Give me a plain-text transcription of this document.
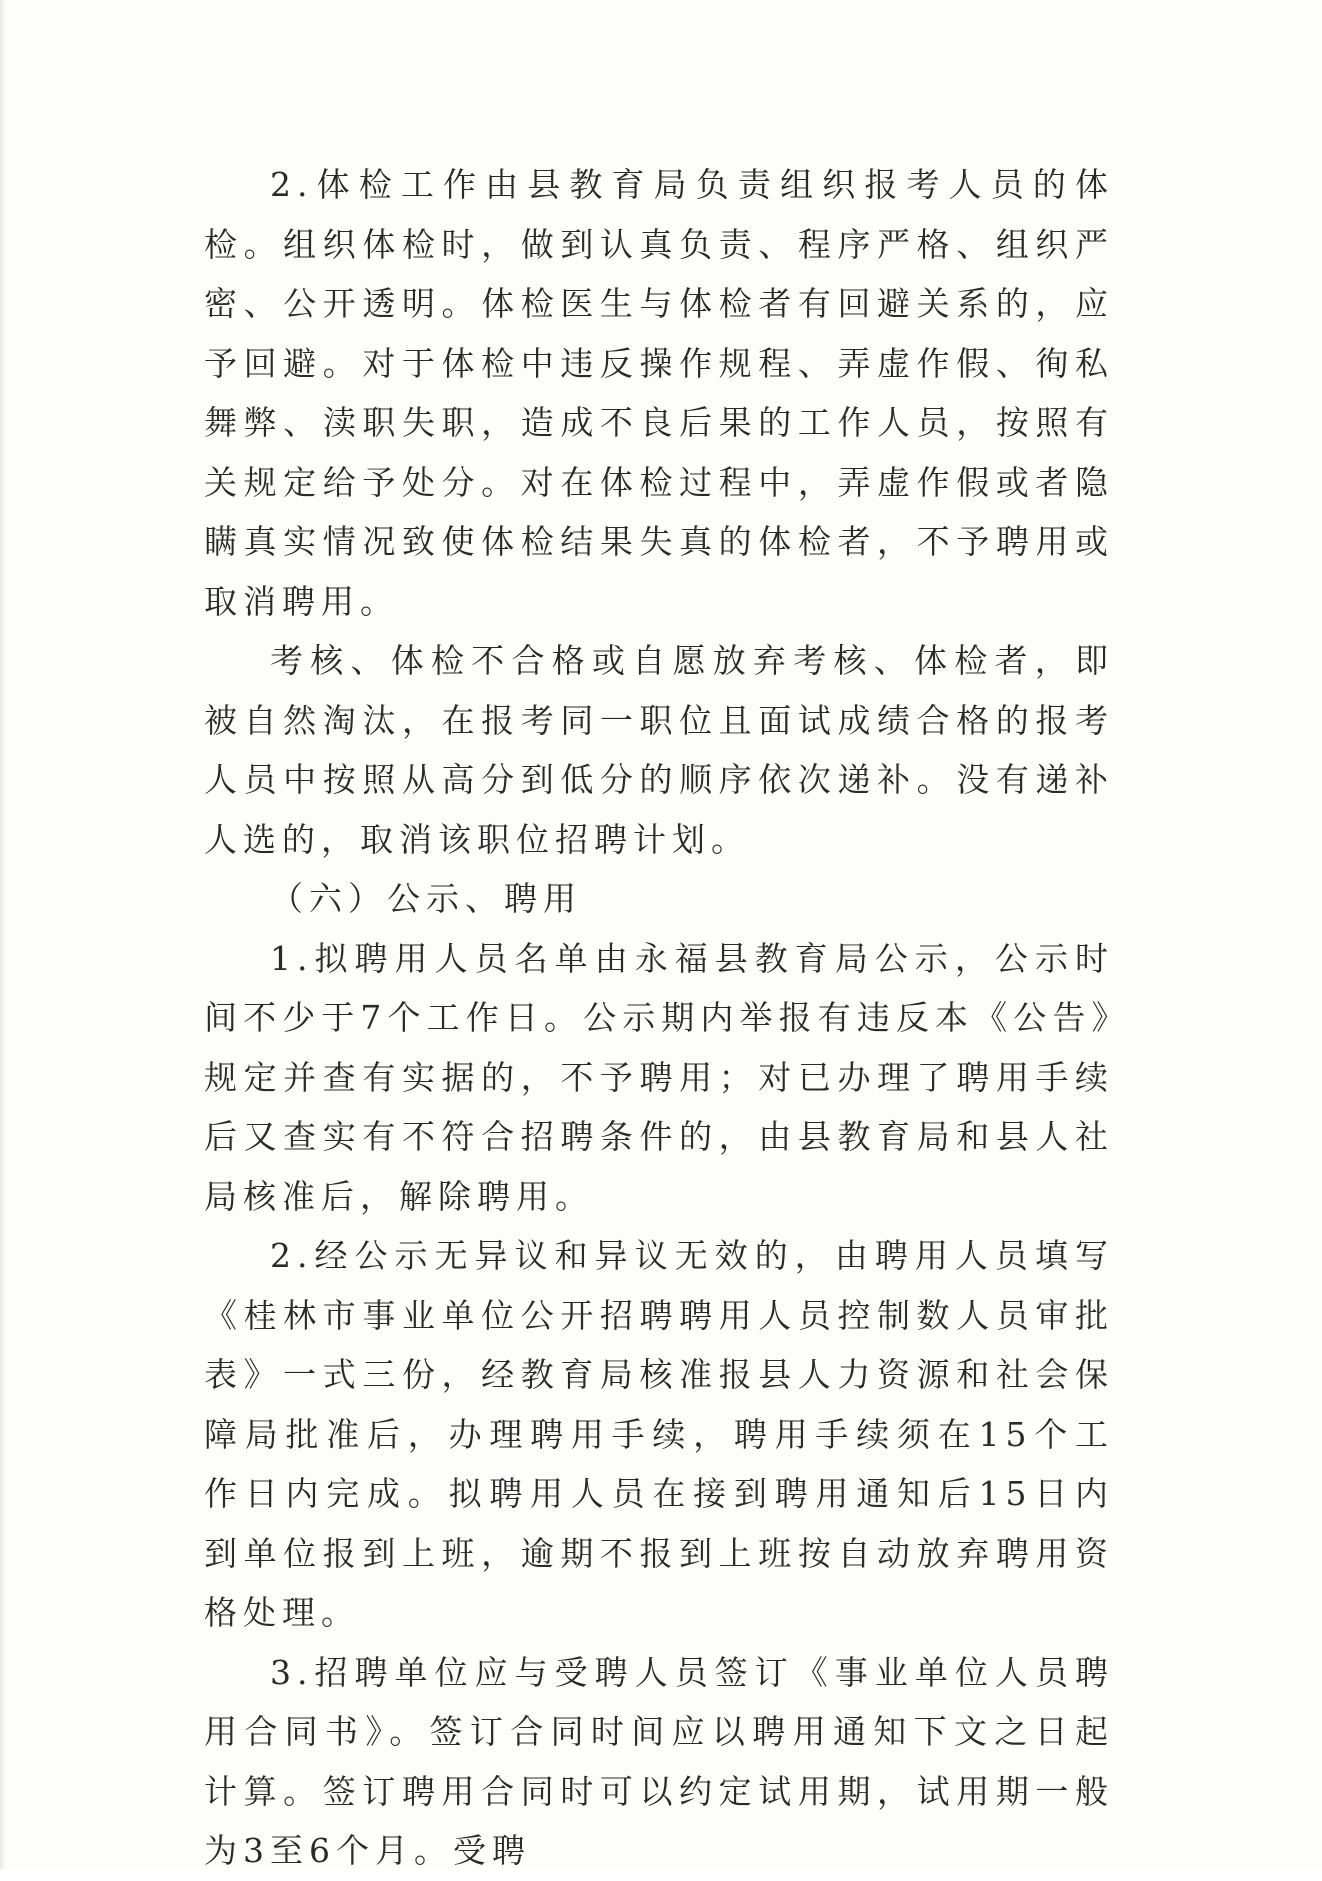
2.体检工作由县教育局负责组织报考人员的体检。组织体检时，做到认真负责、程序严格、组织严密、公开透明。体检医生与体检者有回避关系的，应予回避。对于体检中违反操作规程、弄虚作假、徇私舞弊、渎职失职，造成不良后果的工作人员，按照有关规定给予处分。对在体检过程中，弄虚作假或者隐瞒真实情况致使体检结果失真的体检者，不予聘用或取消聘用。

考核、体检不合格或自愿放弃考核、体检者，即被自然淘汰，在报考同一职位且面试成绩合格的报考人员中按照从高分到低分的顺序依次递补。没有递补人选的，取消该职位招聘计划。

（六）公示、聘用

1.拟聘用人员名单由永福县教育局公示，公示时间不少于7个工作日。公示期内举报有违反本《公告》规定并查有实据的，不予聘用；对已办理了聘用手续后又查实有不符合招聘条件的，由县教育局和县人社局核准后，解除聘用。

2.经公示无异议和异议无效的，由聘用人员填写《桂林市事业单位公开招聘聘用人员控制数人员审批表》一式三份，经教育局核准报县人力资源和社会保障局批准后，办理聘用手续，聘用手续须在15个工作日内完成。拟聘用人员在接到聘用通知后15日内到单位报到上班，逾期不报到上班按自动放弃聘用资格处理。

3.招聘单位应与受聘人员签订《事业单位人员聘用合同书》。签订合同时间应以聘用通知下文之日起计算。签订聘用合同时可以约定试用期，试用期一般为3至6个月。受聘
